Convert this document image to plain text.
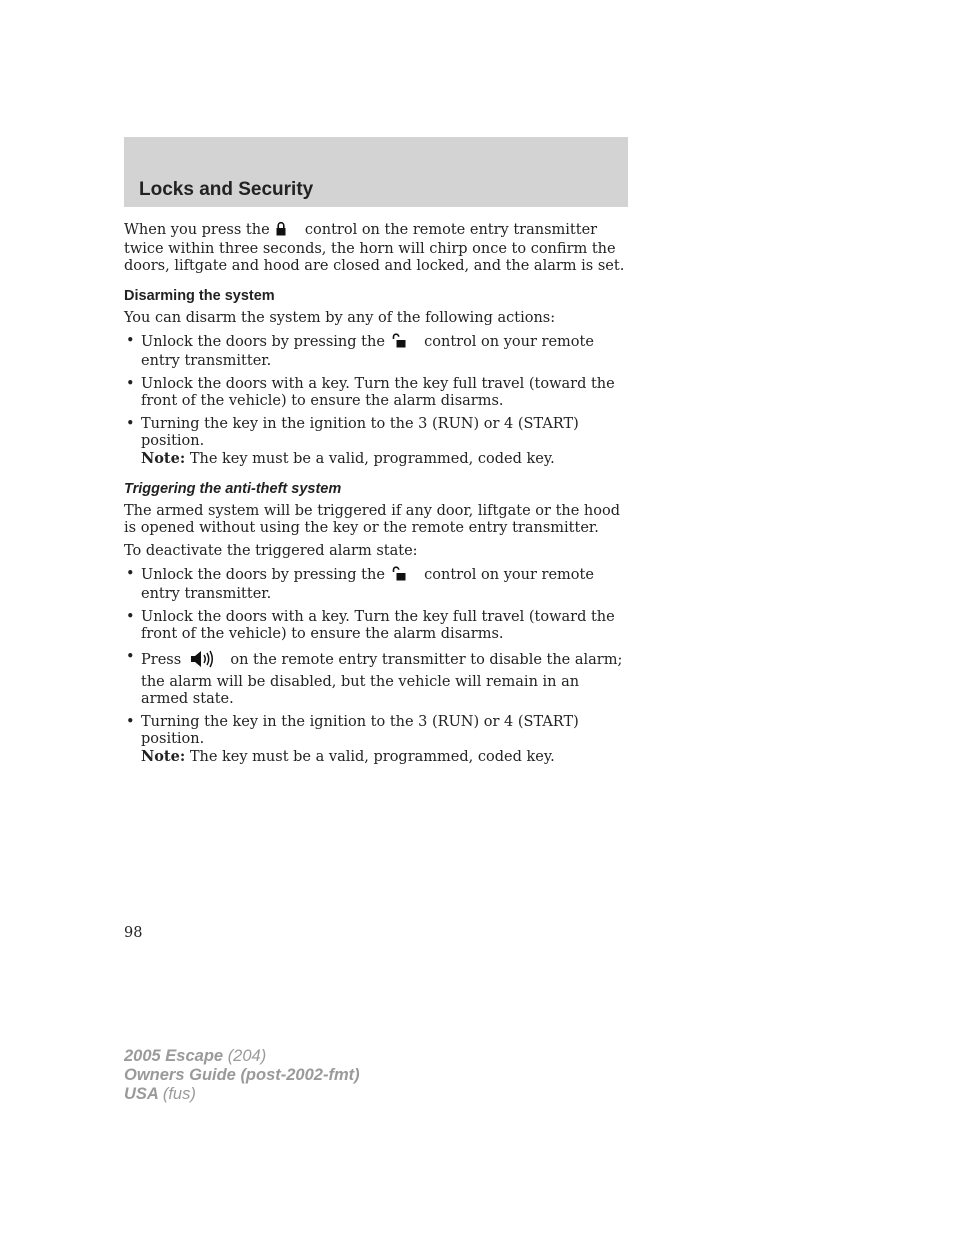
Locks and Security

When you press the control on the remote entry transmitter twice within three seconds, the horn will chirp once to confirm the doors, liftgate and hood are closed and locked, and the alarm is set.

Disarming the system

You can disarm the system by any of the following actions:

• Unlock the doors by pressing the	control on your remote entry transmitter.
• Unlock the doors with a key. Turn the key full travel (toward the front of the vehicle) to ensure the alarm disarms.
• Turning the key in the ignition to the 3 (RUN) or 4 (START) position.
Note: The key must be a valid, programmed, coded key.
Triggering the anti-theft system

The armed system will be triggered if any door, liftgate or the hood is opened without using the key or the remote entry transmitter.

To deactivate the triggered alarm state:

• Unlock the doors by pressing the	control on your remote entry transmitter.
• Unlock the doors with a key. Turn the key full travel (toward the front of the vehicle) to ensure the alarm disarms.
• Press	on the remote entry transmitter to disable the alarm; the alarm will be disabled, but the vehicle will remain in an armed state.
• Turning the key in the ignition to the 3 (RUN) or 4 (START) position.
Note: The key must be a valid, programmed, coded key.
98
2005 Escape (204)
Owners Guide (post-2002-fmt)
USA (fus)
